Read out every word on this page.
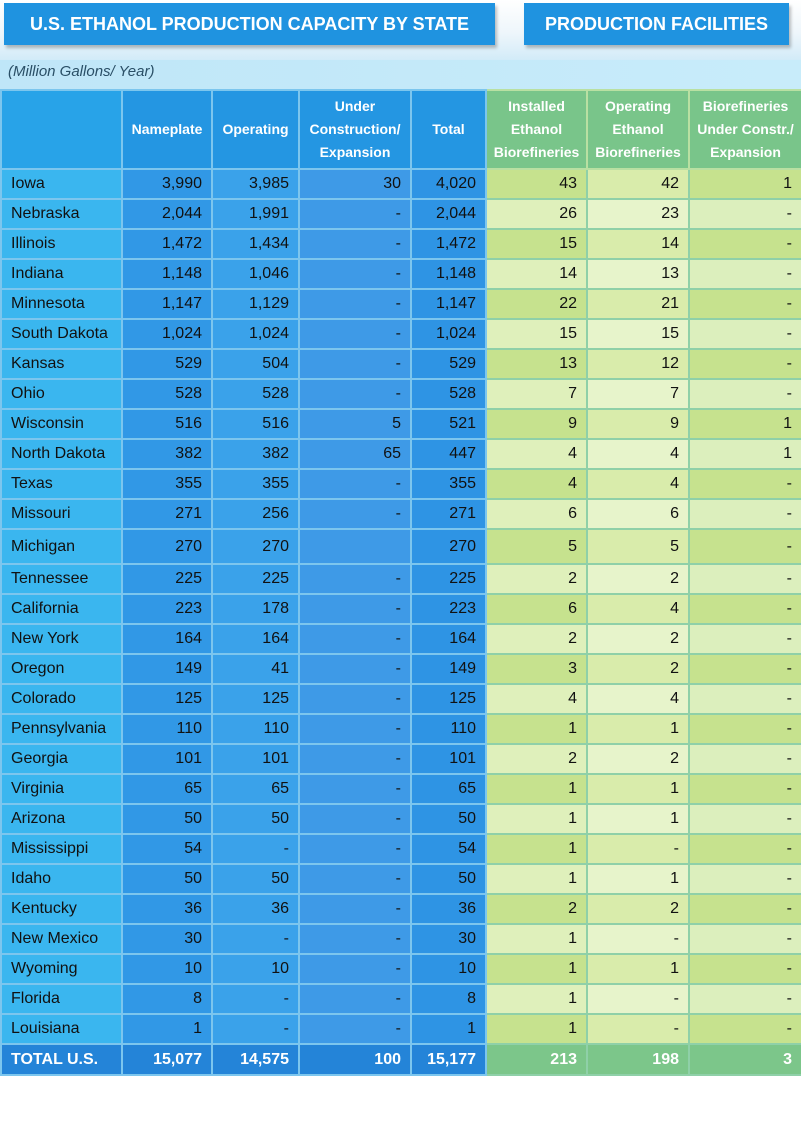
U.S. ETHANOL PRODUCTION CAPACITY BY STATE	PRODUCTION FACILITIES
(Million Gallons/ Year)
	Nameplate	Operating	Under Construction/ Expansion	Total	Installed Ethanol Biorefineries	Operating Ethanol Biorefineries	Biorefineries Under Constr./ Expansion
Iowa	3,990	3,985	30	4,020	43	42	1
Nebraska	2,044	1,991	-	2,044	26	23	-
Illinois	1,472	1,434	-	1,472	15	14	-
Indiana	1,148	1,046	-	1,148	14	13	-
Minnesota	1,147	1,129	-	1,147	22	21	-
South Dakota	1,024	1,024	-	1,024	15	15	-
Kansas	529	504	-	529	13	12	-
Ohio	528	528	-	528	7	7	-
Wisconsin	516	516	5	521	9	9	1
North Dakota	382	382	65	447	4	4	1
Texas	355	355	-	355	4	4	-
Missouri	271	256	-	271	6	6	-
Michigan	270	270		270	5	5	-
Tennessee	225	225	-	225	2	2	-
California	223	178	-	223	6	4	-
New York	164	164	-	164	2	2	-
Oregon	149	41	-	149	3	2	-
Colorado	125	125	-	125	4	4	-
Pennsylvania	110	110	-	110	1	1	-
Georgia	101	101	-	101	2	2	-
Virginia	65	65	-	65	1	1	-
Arizona	50	50	-	50	1	1	-
Mississippi	54	-	-	54	1	-	-
Idaho	50	50	-	50	1	1	-
Kentucky	36	36	-	36	2	2	-
New Mexico	30	-	-	30	1	-	-
Wyoming	10	10	-	10	1	1	-
Florida	8	-	-	8	1	-	-
Louisiana	1	-	-	1	1	-	-
TOTAL U.S.	15,077	14,575	100	15,177	213	198	3
